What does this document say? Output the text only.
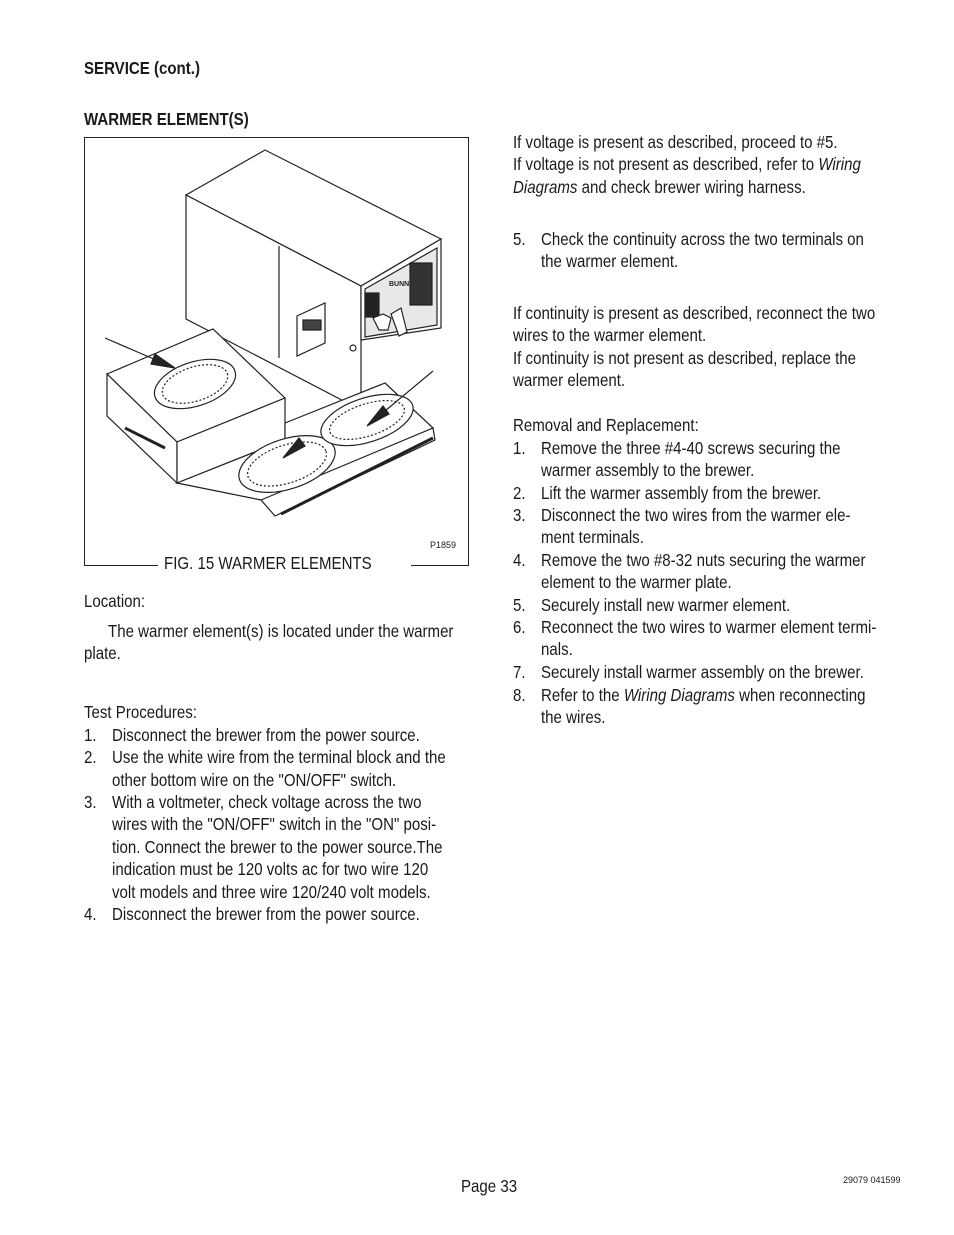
SERVICE (cont.)
WARMER ELEMENT(S)
BUNN
P1859
FIG. 15 WARMER ELEMENTS
Location:
The warmer element(s) is located under the warmer
plate.
Test Procedures:
1. Disconnect the brewer from the power source.
2. Use the white wire from the terminal block and the
other bottom wire on the "ON/OFF" switch.
3. With a voltmeter, check voltage across the two
wires with the "ON/OFF" switch in the "ON" posi-
tion. Connect the brewer to the power source.The
indication must be 120 volts ac for two wire 120
volt models and three wire 120/240 volt models.
4. Disconnect the brewer from the power source.
If voltage is present as described, proceed to #5.
If voltage is not present as described, refer to Wiring
Diagrams and check brewer wiring harness.
5. Check the continuity across the two terminals on
the warmer element.
If continuity is present as described, reconnect the two
wires to the warmer element.
If continuity is not present as described, replace the
warmer element.
Removal and Replacement:
1. Remove the three #4-40 screws securing the
warmer assembly to the brewer.
2. Lift the warmer assembly from the brewer.
3. Disconnect the two wires from the warmer ele-
ment terminals.
4. Remove the two #8-32 nuts securing the warmer
element to the warmer plate.
5. Securely install new warmer element.
6. Reconnect the two wires to warmer element termi-
nals.
7. Securely install warmer assembly on the brewer.
8. Refer to the Wiring Diagrams when reconnecting
the wires.
Page 33	29079 041599
